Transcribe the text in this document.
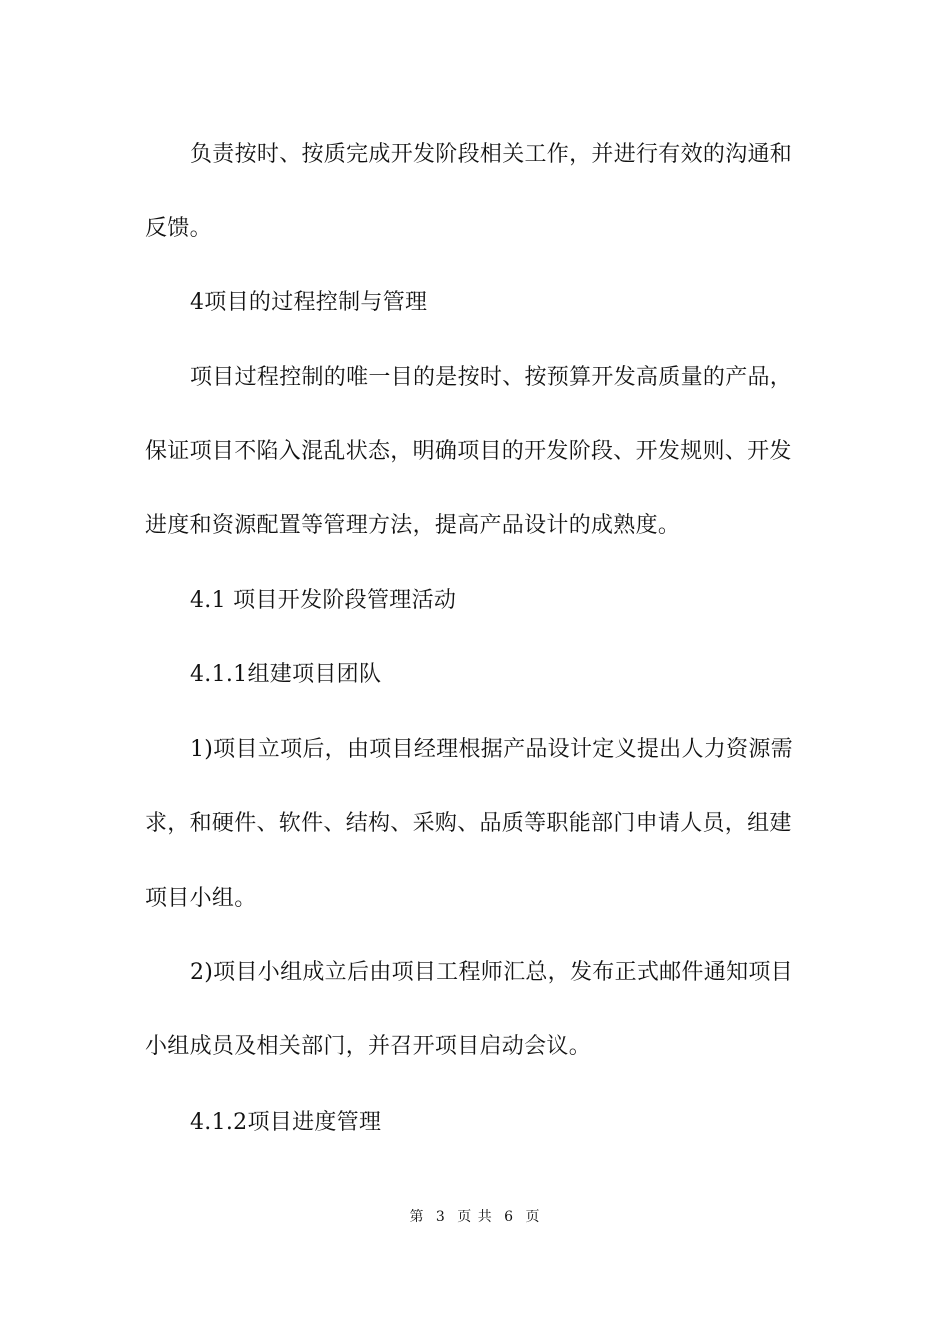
负责按时、按质完成开发阶段相关工作，并进行有效的沟通和
反馈。
4项目的过程控制与管理
项目过程控制的唯一目的是按时、按预算开发高质量的产品，
保证项目不陷入混乱状态，明确项目的开发阶段、开发规则、开发
进度和资源配置等管理方法，提高产品设计的成熟度。
4.1 项目开发阶段管理活动
4.1.1组建项目团队
1)项目立项后，由项目经理根据产品设计定义提出人力资源需
求，和硬件、软件、结构、采购、品质等职能部门申请人员，组建
项目小组。
2)项目小组成立后由项目工程师汇总，发布正式邮件通知项目
小组成员及相关部门，并召开项目启动会议。
4.1.2项目进度管理
第 3 页 共 6 页
